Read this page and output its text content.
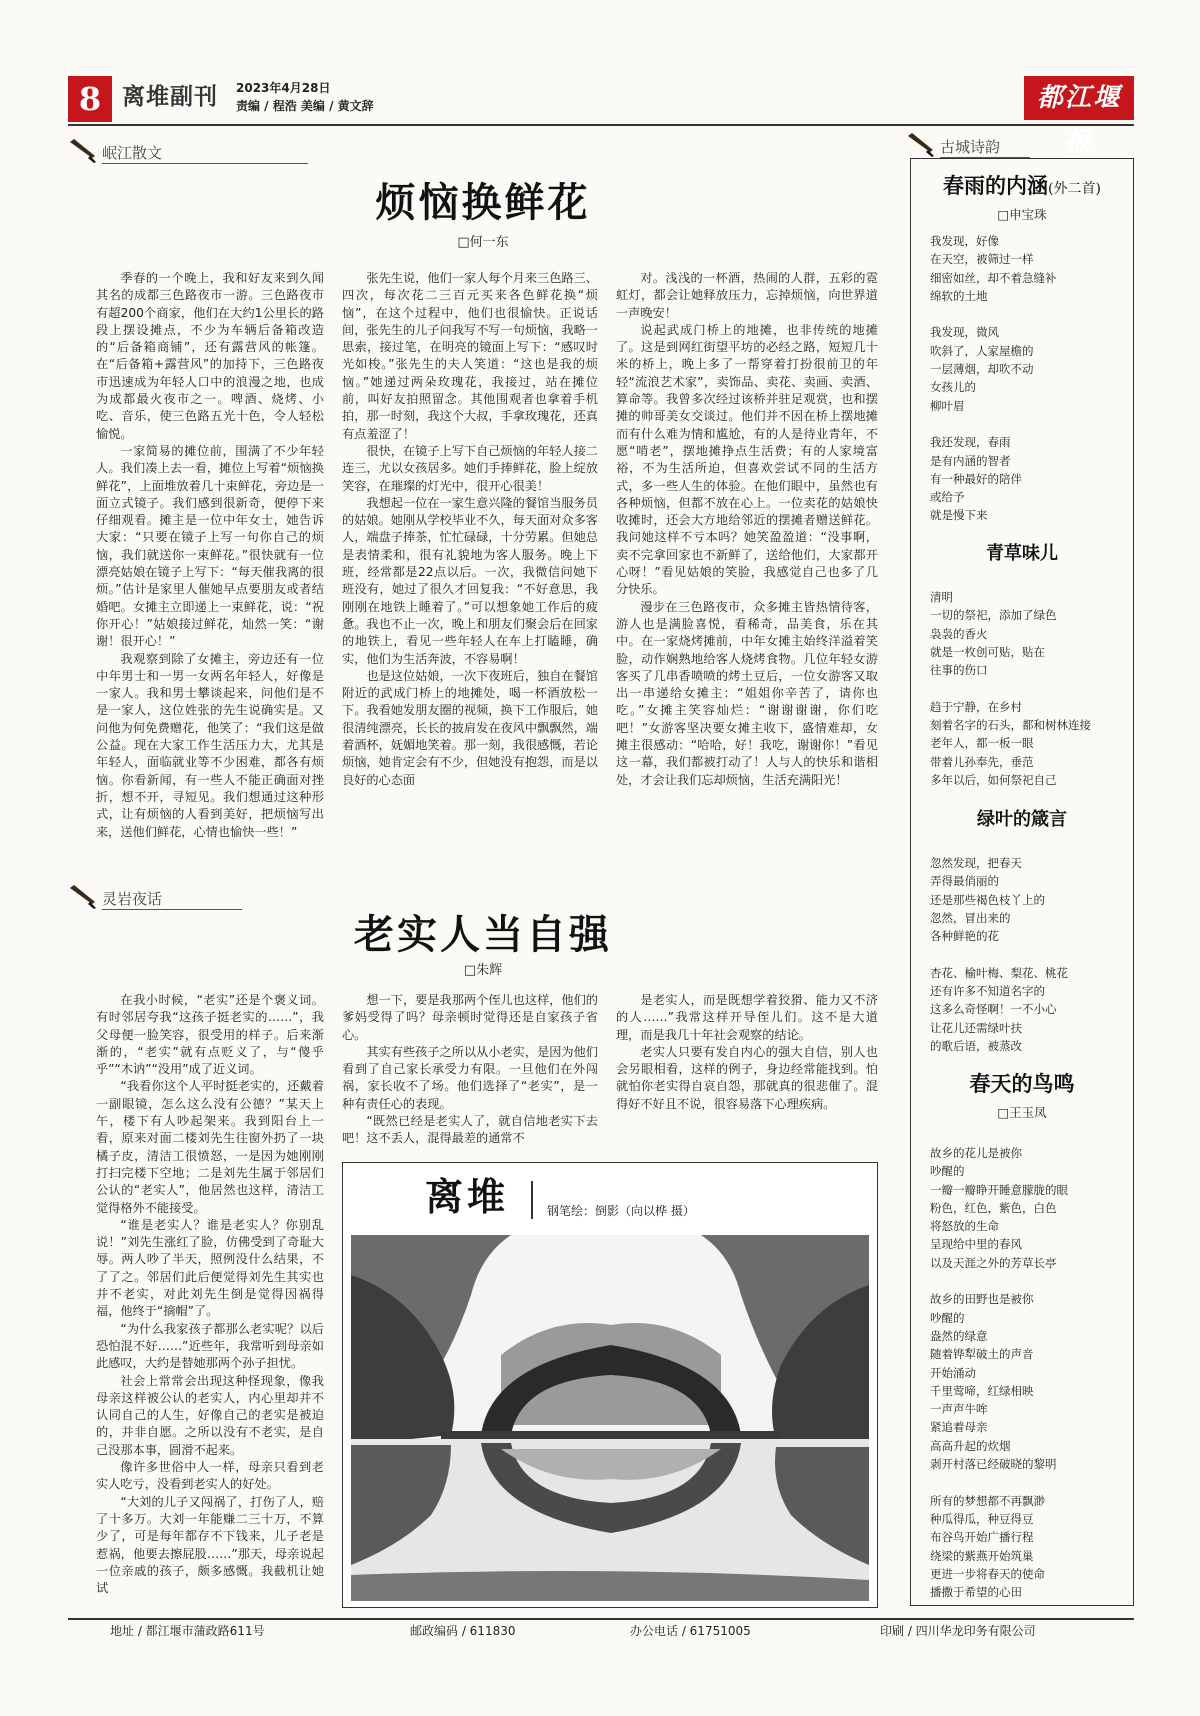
8 离堆副刊 2023年4月28日
责编 / 程浩 美编 / 黄文辞	都江堰报
岷江散文
烦恼换鲜花
□何一东

季春的一个晚上，我和好友来到久闻其名的成都三色路夜市一游。三色路夜市有超200个商家，他们在大约1公里长的路段上摆设摊点，不少为车辆后备箱改造的“后备箱商铺”，还有露营风的帐篷。在“后备箱+露营风”的加持下，三色路夜市迅速成为年轻人口中的浪漫之地，也成为成都最火夜市之一。啤酒、烧烤、小吃、音乐，使三色路五光十色，令人轻松愉悦。

一家简易的摊位前，围满了不少年轻人。我们凑上去一看，摊位上写着“烦恼换鲜花”，上面堆放着几十束鲜花，旁边是一面立式镜子。我们感到很新奇，便停下来仔细观看。摊主是一位中年女士，她告诉大家：“只要在镜子上写一句你自己的烦恼，我们就送你一束鲜花。”很快就有一位漂亮姑娘在镜子上写下：“每天催我离的很烦。”估计是家里人催她早点要朋友或者结婚吧。女摊主立即递上一束鲜花，说：“祝你开心！”姑娘接过鲜花，灿然一笑：“谢谢！很开心！”

我观察到除了女摊主，旁边还有一位中年男士和一男一女两名年轻人，好像是一家人。我和男士攀谈起来，问他们是不是一家人，这位姓张的先生说确实是。又问他为何免费赠花，他笑了：“我们这是做公益。现在大家工作生活压力大，尤其是年轻人，面临就业等不少困难，都各有烦恼。你看新闻，有一些人不能正确面对挫折，想不开，寻短见。我们想通过这种形式，让有烦恼的人看到美好，把烦恼写出来，送他们鲜花，心情也愉快一些！”

张先生说，他们一家人每个月来三色路三、四次，每次花二三百元买来各色鲜花换“烦恼”，在这个过程中，他们也很愉快。正说话间，张先生的儿子问我写不写一句烦恼，我略一思索，接过笔，在明亮的镜面上写下：“感叹时光如梭。”张先生的夫人笑道：“这也是我的烦恼。”她递过两朵玫瑰花，我接过，站在摊位前，叫好友拍照留念。其他围观者也拿着手机拍，那一时刻，我这个大叔，手拿玫瑰花，还真有点羞涩了！

很快，在镜子上写下自己烦恼的年轻人接二连三，尤以女孩居多。她们手捧鲜花，脸上绽放笑容，在璀璨的灯光中，很开心很美！

我想起一位在一家生意兴隆的餐馆当服务员的姑娘。她刚从学校毕业不久，每天面对众多客人，端盘子捧茶，忙忙碌碌，十分劳累。但她总是表情柔和，很有礼貌地为客人服务。晚上下班，经常都是22点以后。一次，我微信问她下班没有，她过了很久才回复我：“不好意思，我刚刚在地铁上睡着了。”可以想象她工作后的疲惫。我也不止一次，晚上和朋友们聚会后在回家的地铁上，看见一些年轻人在车上打瞌睡，确实，他们为生活奔波，不容易啊！

也是这位姑娘，一次下夜班后，独自在餐馆附近的武成门桥上的地摊处，喝一杯酒放松一下。我看她发朋友圈的视频，换下工作服后，她很清纯漂亮，长长的披肩发在夜风中飘飘然，端着酒杯，妩媚地笑着。那一刻，我很感慨，若论烦恼，她肯定会有不少，但她没有抱怨，而是以良好的心态面

对。浅浅的一杯酒，热闹的人群，五彩的霓虹灯，都会让她释放压力，忘掉烦恼，向世界道一声晚安！

说起武成门桥上的地摊，也非传统的地摊了。这是到网红街望平坊的必经之路，短短几十米的桥上，晚上多了一帮穿着打扮很前卫的年轻“流浪艺术家”，卖饰品、卖花、卖画、卖酒、算命等。我曾多次经过该桥并驻足观赏，也和摆摊的帅哥美女交谈过。他们并不因在桥上摆地摊而有什么难为情和尴尬，有的人是待业青年，不愿“啃老”，摆地摊挣点生活费；有的人家境富裕，不为生活所迫，但喜欢尝试不同的生活方式，多一些人生的体验。在他们眼中，虽然也有各种烦恼，但都不放在心上。一位卖花的姑娘快收摊时，还会大方地给邻近的摆摊者赠送鲜花。我问她这样不亏本吗？她笑盈盈道：“没事啊，卖不完拿回家也不新鲜了，送给他们，大家都开心呀！”看见姑娘的笑脸，我感觉自己也多了几分快乐。

漫步在三色路夜市，众多摊主皆热情待客，游人也是满脸喜悦，看稀奇，品美食，乐在其中。在一家烧烤摊前，中年女摊主始终洋溢着笑脸，动作娴熟地给客人烧烤食物。几位年轻女游客买了几串香喷喷的烤土豆后，一位女游客又取出一串递给女摊主：“姐姐你辛苦了，请你也吃。”女摊主笑容灿烂：“谢谢谢谢，你们吃吧！”女游客坚决要女摊主收下，盛情难却，女摊主很感动：“哈哈，好！我吃，谢谢你！”看见这一幕，我们都被打动了！人与人的快乐和谐相处，才会让我们忘却烦恼，生活充满阳光！

灵岩夜话
老实人当自强
□朱辉

在我小时候，“老实”还是个褒义词。有时邻居夸我“这孩子挺老实的……”，我父母便一脸笑容，很受用的样子。后来渐渐的，“老实”就有点贬义了，与“傻乎乎”“木讷”“没用”成了近义词。

“我看你这个人平时挺老实的，还戴着一副眼镜，怎么这么没有公德？”某天上午，楼下有人吵起架来。我到阳台上一看，原来对面二楼刘先生往窗外扔了一块橘子皮，清洁工很愤怒，一是因为她刚刚打扫完楼下空地；二是刘先生属于邻居们公认的“老实人”，他居然也这样，清洁工觉得格外不能接受。

“谁是老实人？谁是老实人？你别乱说！”刘先生涨红了脸，仿佛受到了奇耻大辱。两人吵了半天，照例没什么结果，不了了之。邻居们此后便觉得刘先生其实也并不老实，对此刘先生倒是觉得因祸得福，他终于“摘帽”了。

“为什么我家孩子都那么老实呢？以后恐怕混不好……”近些年，我常听到母亲如此感叹，大约是替她那两个孙子担忧。

社会上常常会出现这种怪现象，像我母亲这样被公认的老实人，内心里却并不认同自己的人生，好像自己的老实是被迫的，并非自愿。之所以没有不老实，是自己没那本事，圆滑不起来。

像许多世俗中人一样，母亲只看到老实人吃亏，没看到老实人的好处。

“大刘的儿子又闯祸了，打伤了人，赔了十多万。大刘一年能赚二三十万，不算少了，可是每年都存不下钱来，儿子老是惹祸，他要去擦屁股……”那天，母亲说起一位亲戚的孩子，颇多感慨。我截机让她试

想一下，要是我那两个侄儿也这样，他们的爹妈受得了吗？母亲顿时觉得还是自家孩子省心。

其实有些孩子之所以从小老实，是因为他们看到了自己家长承受力有限。一旦他们在外闯祸，家长收不了场。他们选择了“老实”，是一种有责任心的表现。

“既然已经是老实人了，就自信地老实下去吧！这不丢人，混得最差的通常不

是老实人，而是既想学着狡猾、能力又不济的人……”我常这样开导侄儿们。这不是大道理，而是我几十年社会观察的结论。

老实人只要有发自内心的强大自信，别人也会另眼相看，这样的例子，身边经常能找到。怕就怕你老实得自哀自怨，那就真的很悲催了。混得好不好且不说，很容易落下心理疾病。

离堆	钢笔绘：倒影（向以桦 摄）
古城诗韵
春雨的内涵(外二首)
□申宝珠
我发现，好像
在天空，被筛过一样
细密如丝，却不着急缝补
绵软的土地

我发现，微风
吹斜了，人家屋檐的
一层薄烟，却吹不动
女孩儿的
柳叶眉

我还发现，春雨
是有内涵的智者
有一种最好的陪伴
或给予
就是慢下来
青草味儿
清明
一切的祭祀，添加了绿色
袅袅的香火
就是一枚创可贴，贴在
往事的伤口

趋于宁静，在乡村
刻着名字的石头，都和树林连接
老年人，都一板一眼
带着儿孙奉先，垂范
多年以后，如何祭祀自己
绿叶的箴言
忽然发现，把春天
弄得最俏丽的
还是那些褐色枝丫上的
忽然，冒出来的
各种鲜艳的花

杏花、榆叶梅、梨花、桃花
还有许多不知道名字的
这多么奇怪啊！一不小心
让花儿还需绿叶扶
的歌后语，被蒸改
春天的鸟鸣
□王玉凤
故乡的花儿是被你
吵醒的
一瓣一瓣睁开睡意朦胧的眼
粉色，红色，紫色，白色
将怒放的生命
呈现给中里的春风
以及天涯之外的芳草长亭

故乡的田野也是被你
吵醒的
盎然的绿意
随着铧犁破土的声音
开始涌动
千里莺啼，红绿相映
一声声牛哞
紧追着母亲
高高升起的炊烟
剥开村落已经破晓的黎明

所有的梦想都不再飘渺
种瓜得瓜，种豆得豆
布谷鸟开始广播行程
绕梁的紫燕开始筑巢
更进一步将春天的使命
播撒于希望的心田
地址 / 都江堰市蒲政路611号	邮政编码 / 611830	办公电话 / 61751005	印刷 / 四川华龙印务有限公司
